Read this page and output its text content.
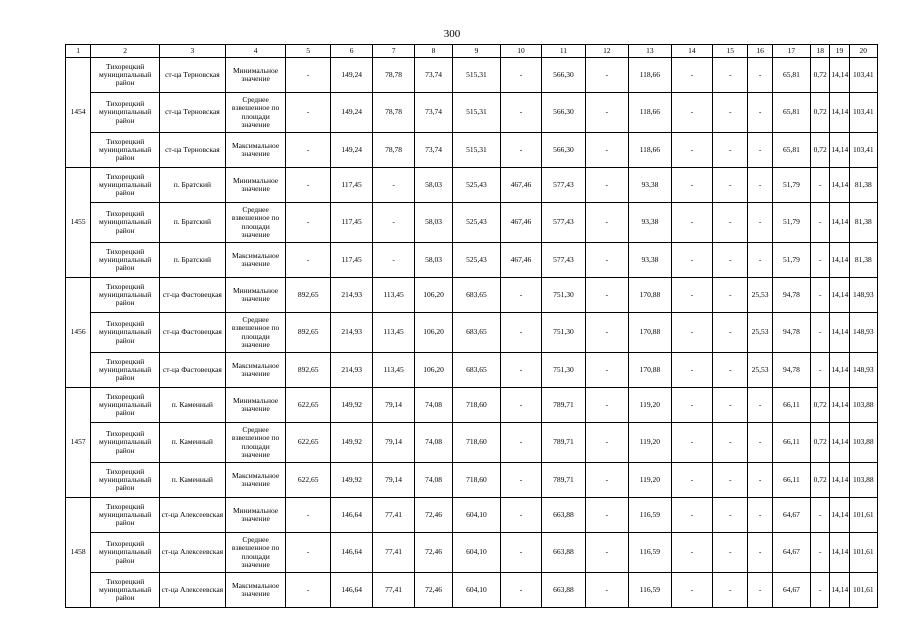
300
1	2	3	4	5	6	7	8	9	10	11	12	13	14	15	16	17	18	19	20
1454	Тихорецкий муниципальный район	ст-ца Терновская	Минимальное значение	-	149,24	78,78	73,74	515,31	-	566,30	-	118,66	-	-	-	65,81	0,72	14,14	103,41
	Тихорецкий муниципальный район	ст-ца Терновская	Среднее взвешенное по площади значение	-	149,24	78,78	73,74	515,31	-	566,30	-	118,66	-	-	-	65,81	0,72	14,14	103,41
	Тихорецкий муниципальный район	ст-ца Терновская	Максимальное значение	-	149,24	78,78	73,74	515,31	-	566,30	-	118,66	-	-	-	65,81	0,72	14,14	103,41
1455	Тихорецкий муниципальный район	п. Братский	Минимальное значение	-	117,45	-	58,03	525,43	467,46	577,43	-	93,38	-	-	-	51,79	-	14,14	81,38
	Тихорецкий муниципальный район	п. Братский	Среднее взвешенное по площади значение	-	117,45	-	58,03	525,43	467,46	577,43	-	93,38	-	-	-	51,79	-	14,14	81,38
	Тихорецкий муниципальный район	п. Братский	Максимальное значение	-	117,45	-	58,03	525,43	467,46	577,43	-	93,38	-	-	-	51,79	-	14,14	81,38
1456	Тихорецкий муниципальный район	ст-ца Фастовецкая	Минимальное значение	892,65	214,93	113,45	106,20	683,65	-	751,30	-	170,88	-	-	25,53	94,78	-	14,14	148,93
	Тихорецкий муниципальный район	ст-ца Фастовецкая	Среднее взвешенное по площади значение	892,65	214,93	113,45	106,20	683,65	-	751,30	-	170,88	-	-	25,53	94,78	-	14,14	148,93
	Тихорецкий муниципальный район	ст-ца Фастовецкая	Максимальное значение	892,65	214,93	113,45	106,20	683,65	-	751,30	-	170,88	-	-	25,53	94,78	-	14,14	148,93
1457	Тихорецкий муниципальный район	п. Каменный	Минимальное значение	622,65	149,92	79,14	74,08	718,60	-	789,71	-	119,20	-	-	-	66,11	0,72	14,14	103,88
	Тихорецкий муниципальный район	п. Каменный	Среднее взвешенное по площади значение	622,65	149,92	79,14	74,08	718,60	-	789,71	-	119,20	-	-	-	66,11	0,72	14,14	103,88
	Тихорецкий муниципальный район	п. Каменный	Максимальное значение	622,65	149,92	79,14	74,08	718,60	-	789,71	-	119,20	-	-	-	66,11	0,72	14,14	103,88
1458	Тихорецкий муниципальный район	ст-ца Алексеевская	Минимальное значение	-	146,64	77,41	72,46	604,10	-	663,88	-	116,59	-	-	-	64,67	-	14,14	101,61
	Тихорецкий муниципальный район	ст-ца Алексеевская	Среднее взвешенное по площади значение	-	146,64	77,41	72,46	604,10	-	663,88	-	116,59	-	-	-	64,67	-	14,14	101,61
	Тихорецкий муниципальный район	ст-ца Алексеевская	Максимальное значение	-	146,64	77,41	72,46	604,10	-	663,88	-	116,59	-	-	-	64,67	-	14,14	101,61
